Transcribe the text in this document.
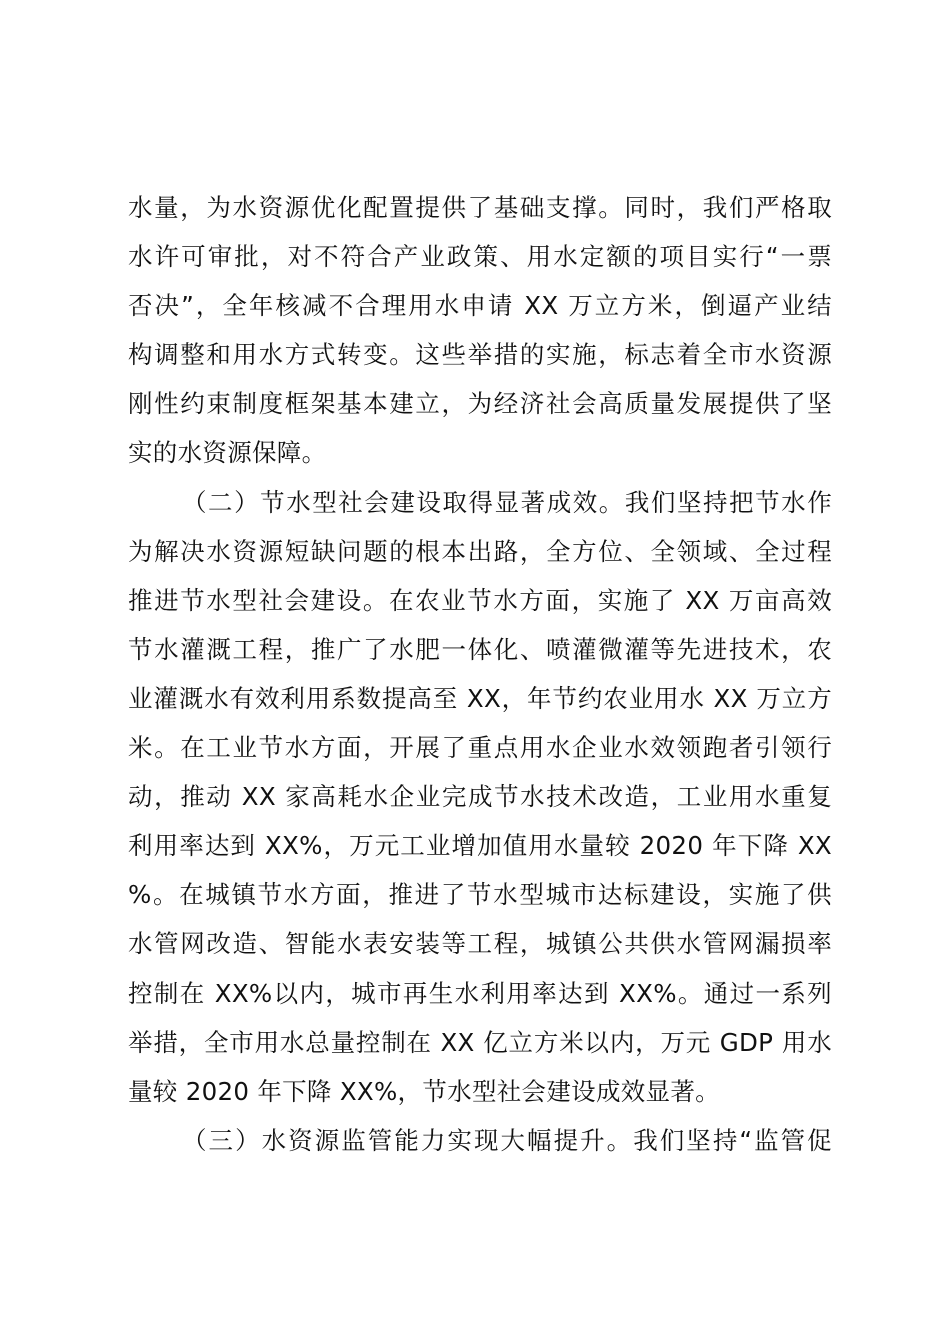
水量，为水资源优化配置提供了基础支撑。同时，我们严格取
水许可审批，对不符合产业政策、用水定额的项目实行“一票
否决”，全年核减不合理用水申请 XX 万立方米，倒逼产业结
构调整和用水方式转变。这些举措的实施，标志着全市水资源
刚性约束制度框架基本建立，为经济社会高质量发展提供了坚
实的水资源保障。
（二）节水型社会建设取得显著成效。我们坚持把节水作
为解决水资源短缺问题的根本出路，全方位、全领域、全过程
推进节水型社会建设。在农业节水方面，实施了 XX 万亩高效
节水灌溉工程，推广了水肥一体化、喷灌微灌等先进技术，农
业灌溉水有效利用系数提高至 XX，年节约农业用水 XX 万立方
米。在工业节水方面，开展了重点用水企业水效领跑者引领行
动，推动 XX 家高耗水企业完成节水技术改造，工业用水重复
利用率达到 XX%，万元工业增加值用水量较 2020 年下降 XX
%。在城镇节水方面，推进了节水型城市达标建设，实施了供
水管网改造、智能水表安装等工程，城镇公共供水管网漏损率
控制在 XX%以内，城市再生水利用率达到 XX%。通过一系列
举措，全市用水总量控制在 XX 亿立方米以内，万元 GDP 用水
量较 2020 年下降 XX%，节水型社会建设成效显著。
（三）水资源监管能力实现大幅提升。我们坚持“监管促
